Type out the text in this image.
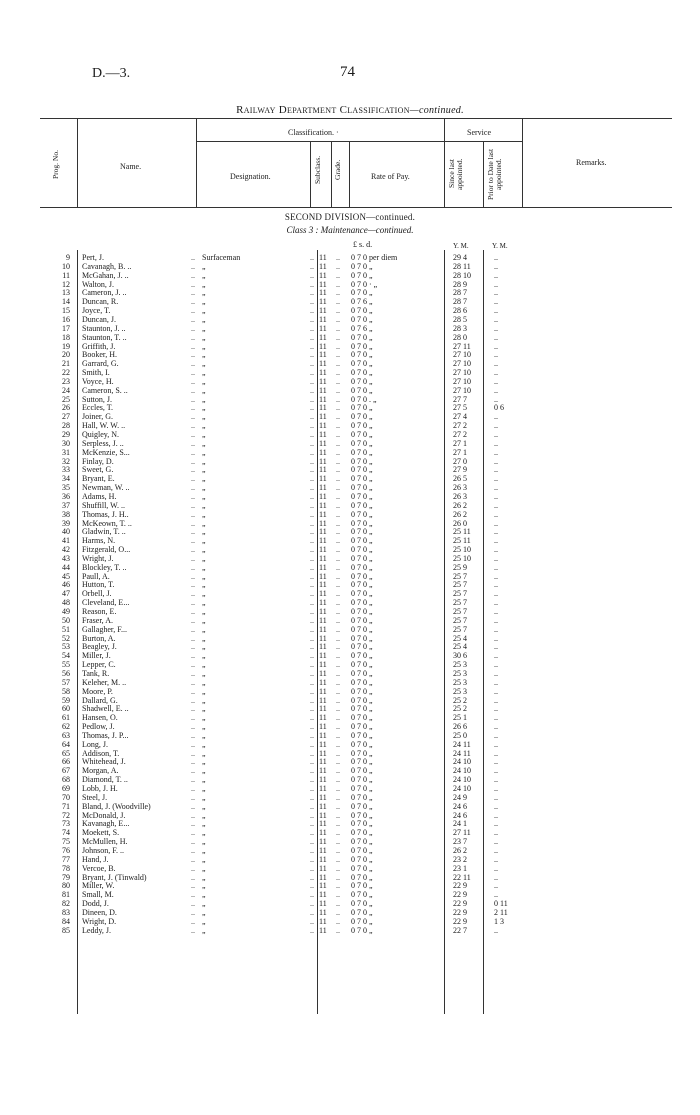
D.—3.	74
Railway Department Classification—continued.
Prog. No.	Name.
Classification. ·
Designation.	Subclass.	Grade.	Rate of Pay.
Service
Since last appointed.	Prior to Date last appointed.	Remarks.
SECOND DIVISION—continued.
Class 3 : Maintenance—continued.
£ s. d.	Y. M.	Y. M.
9 Pert, J.	.. Surfaceman	.. 11	..	0 7 0 per diem	29 4	..
10 Cavanagh, B. ..	.. „	.. 11	..	0 7 0 „	28 11	..
11 McGahan, J. ..	.. „	.. 11	..	0 7 0 „	28 10	..
12 Walton, J.	.. „	.. 11	..	0 7 0 · „	28 9	..
13 Cameron, J. ..	.. „	.. 11	..	0 7 0 „	28 7	..
14 Duncan, R.	.. „	.. 11	..	0 7 6 „	28 7	..
15 Joyce, T.	.. „	.. 11	..	0 7 0 „	28 6	..
16 Duncan, J.	.. „	.. 11	..	0 7 0 „	28 5	..
17 Staunton, J. ..	.. „	.. 11	..	0 7 6 „	28 3	..
18 Staunton, T. ..	.. „	.. 11	..	0 7 0 „	28 0	..
19 Griffith, J.	.. „	.. 11	..	0 7 0 „	27 11	..
20 Booker, H.	.. „	.. 11	..	0 7 0 „	27 10	..
21 Garrard, G.	.. „	.. 11	..	0 7 0 „	27 10	..
22 Smith, I.	.. „	.. 11	..	0 7 0 „	27 10	..
23 Voyce, H.	.. „	.. 11	..	0 7 0 „	27 10	..
24 Cameron, S. ..	.. „	.. 11	..	0 7 0 „	27 10	..
25 Sutton, J.	.. „	.. 11	..	0 7 0 . „	27 7	..
26 Eccles, T.	.. „	.. 11	..	0 7 0 „	27 5	0 6
27 Joiner, G.	.. „	.. 11	..	0 7 0 „	27 4	..
28 Hall, W. W. ..	.. „	.. 11	..	0 7 0 „	27 2	..
29 Quigley, N.	.. „	.. 11	..	0 7 0 „	27 2	..
30 Serpless, J. ..	.. „	.. 11	..	0 7 0 „	27 1	..
31 McKenzie, S...	.. „	.. 11	..	0 7 0 „	27 1	..
32 Finlay, D.	.. „	.. 11	..	0 7 0 „	27 0	..
33 Sweet, G.	.. „	.. 11	..	0 7 0 „	27 9	..
34 Bryant, E.	.. „	.. 11	..	0 7 0 „	26 5	..
35 Newman, W. ..	.. „	.. 11	..	0 7 0 „	26 3	..
36 Adams, H.	.. „	.. 11	..	0 7 0 „	26 3	..
37 Shuffill, W. ..	.. „	.. 11	..	0 7 0 „	26 2	..
38 Thomas, J. H..	.. „	.. 11	..	0 7 0 „	26 2	..
39 McKeown, T. ..	.. „	.. 11	..	0 7 0 „	26 0	..
40 Gladwin, T. ..	.. „	.. 11	..	0 7 0 „	25 11	..
41 Harms, N.	.. „	.. 11	..	0 7 0 „	25 11	..
42 Fitzgerald, O...	.. „	.. 11	..	0 7 0 „	25 10	..
43 Wright, J.	.. „	.. 11	..	0 7 0 „	25 10	..
44 Blockley, T. ..	.. „	.. 11	..	0 7 0 „	25 9	..
45 Paull, A.	.. „	.. 11	..	0 7 0 „	25 7	..
46 Hutton, T.	.. „	.. 11	..	0 7 0 „	25 7	..
47 Orbell, J.	.. „	.. 11	..	0 7 0 „	25 7	..
48 Cleveland, E...	.. „	.. 11	..	0 7 0 „	25 7	..
49 Reason, E.	.. „	.. 11	..	0 7 0 „	25 7	..
50 Fraser, A.	.. „	.. 11	..	0 7 0 „	25 7	..
51 Gallagher, F...	.. „	.. 11	..	0 7 0 „	25 7	..
52 Burton, A.	.. „	.. 11	..	0 7 0 „	25 4	..
53 Beagley, J.	.. „	.. 11	..	0 7 0 „	25 4	..
54 Miller, J.	.. „	.. 11	..	0 7 0 „	30 6	..
55 Lepper, C.	.. „	.. 11	..	0 7 0 „	25 3	..
56 Tank, R.	.. „	.. 11	..	0 7 0 „	25 3	..
57 Keleher, M. ..	.. „	.. 11	..	0 7 0 „	25 3	..
58 Moore, P.	.. „	.. 11	..	0 7 0 „	25 3	..
59 Dallard, G.	.. „	.. 11	..	0 7 0 „	25 2	..
60 Shadwell, E. ..	.. „	.. 11	..	0 7 0 „	25 2	..
61 Hansen, O.	.. „	.. 11	..	0 7 0 „	25 1	..
62 Pedlow, J.	.. „	.. 11	..	0 7 0 „	26 6	..
63 Thomas, J. P...	.. „	.. 11	..	0 7 0 „	25 0	..
64 Long, J.	.. „	.. 11	..	0 7 0 „	24 11	..
65 Addison, T.	.. „	.. 11	..	0 7 0 „	24 11	..
66 Whitehead, J.	.. „	.. 11	..	0 7 0 „	24 10	..
67 Morgan, A.	.. „	.. 11	..	0 7 0 „	24 10	..
68 Diamond, T. ..	.. „	.. 11	..	0 7 0 „	24 10	..
69 Lobb, J. H.	.. „	.. 11	..	0 7 0 „	24 10	..
70 Steel, J.	.. „	.. 11	..	0 7 0 „	24 9	..
71 Bland, J. (Woodville)	.. „	.. 11	..	0 7 0 „	24 6	..
72 McDonald, J.	.. „	.. 11	..	0 7 0 „	24 6	..
73 Kavanagh, E...	.. „	.. 11	..	0 7 0 „	24 1	..
74 Moekett, S.	.. „	.. 11	..	0 7 0 „	27 11	..
75 McMullen, H.	.. „	.. 11	..	0 7 0 „	23 7	..
76 Johnson, F. ..	.. „	.. 11	..	0 7 0 „	26 2	..
77 Hand, J.	.. „	.. 11	..	0 7 0 „	23 2	..
78 Vercoe, B.	.. „	.. 11	..	0 7 0 „	23 1	..
79 Bryant, J. (Tinwald)	.. „	.. 11	..	0 7 0 „	22 11	..
80 Miller, W.	.. „	.. 11	..	0 7 0 „	22 9	..
81 Small, M.	.. „	.. 11	..	0 7 0 „	22 9	..
82 Dodd, J.	.. „	.. 11	..	0 7 0 „	22 9	0 11
83 Dineen, D.	.. „	.. 11	..	0 7 0 „	22 9	2 11
84 Wright, D.	.. „	.. 11	..	0 7 0 „	22 9	1 3
85 Leddy, J.	.. „	.. 11	..	0 7 0 „	22 7	..
